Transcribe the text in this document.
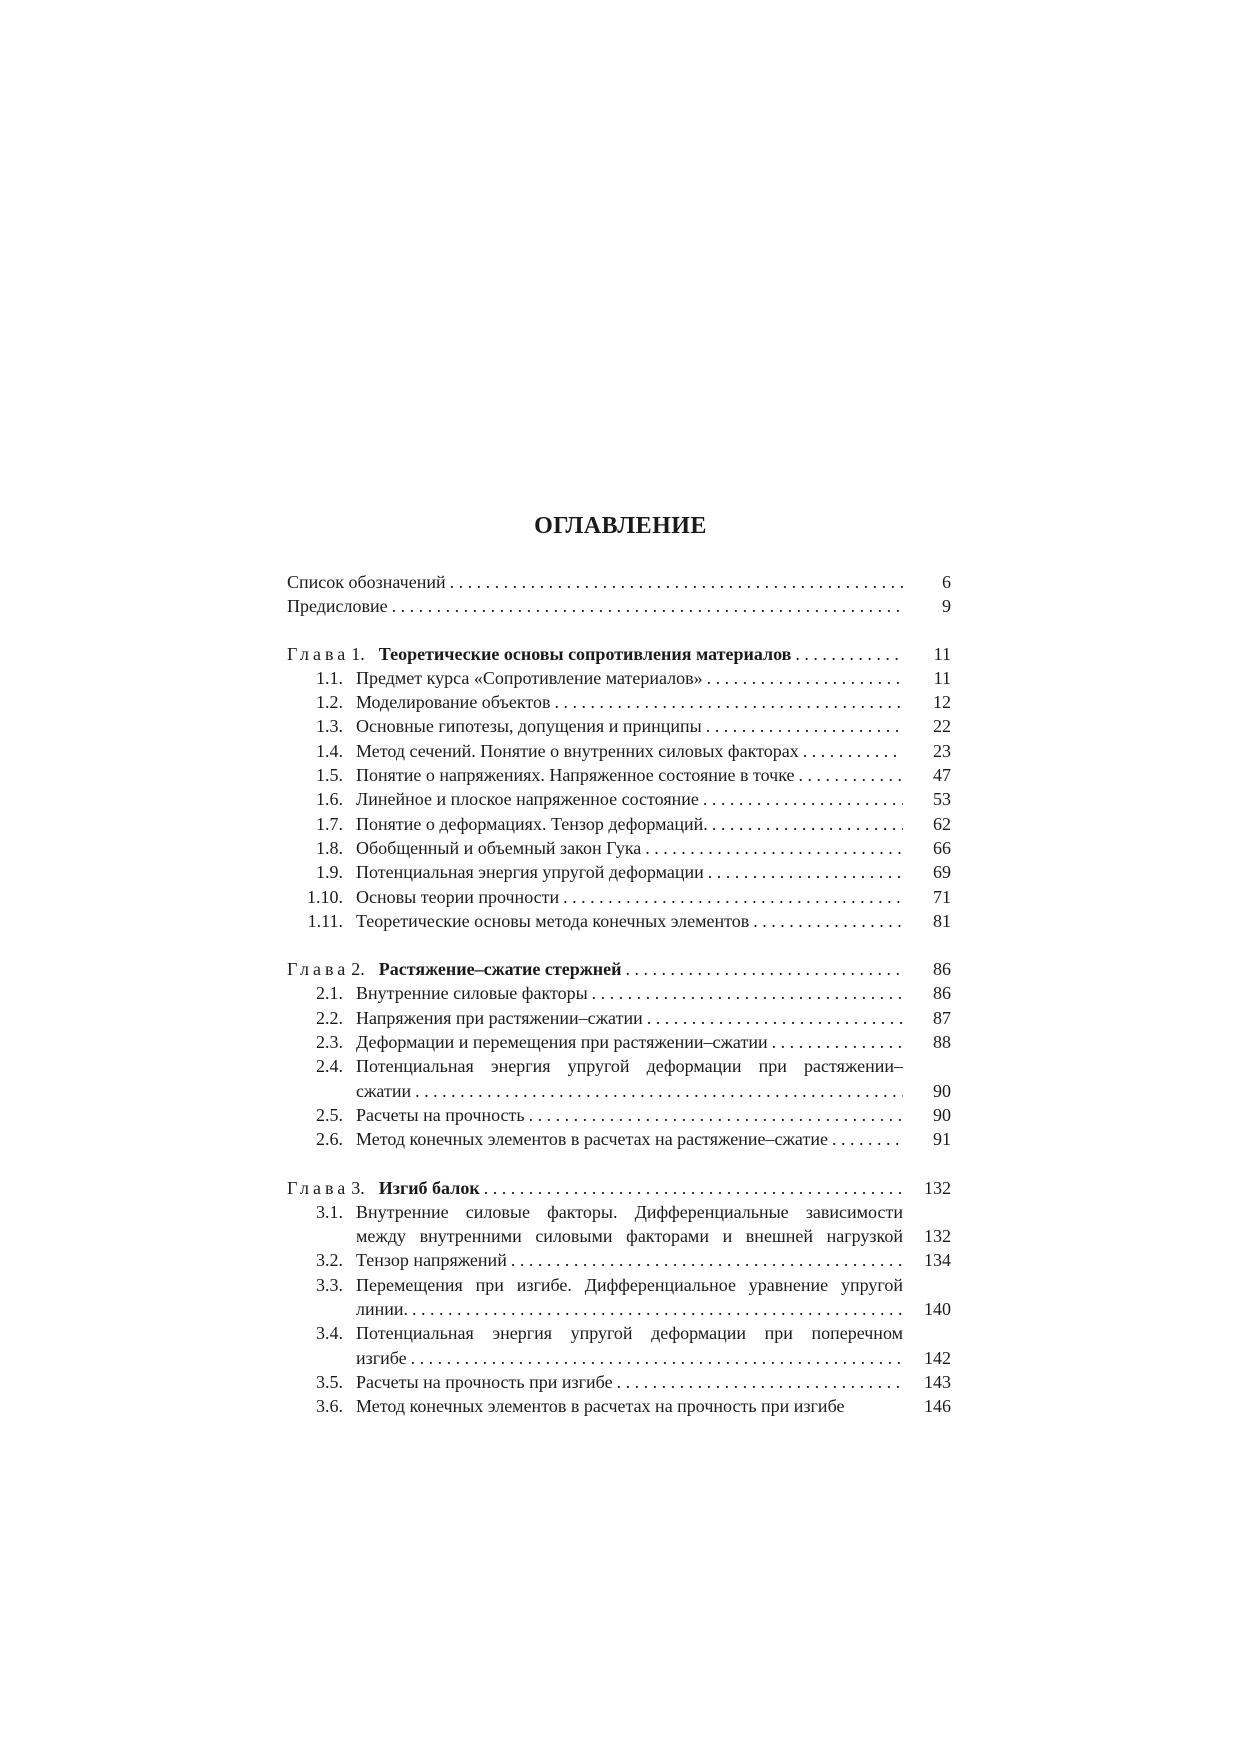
ОГЛАВЛЕНИЕ
Список обозначений . . .	6
Предисловие . . .	9
Глава 1. Теоретические основы сопротивления материалов . . .	11
1.1. Предмет курса «Сопротивление материалов» . . .	11
1.2. Моделирование объектов . . .	12
1.3. Основные гипотезы, допущения и принципы . . .	22
1.4. Метод сечений. Понятие о внутренних силовых факторах . . .	23
1.5. Понятие о напряжениях. Напряженное состояние в точке . . .	47
1.6. Линейное и плоское напряженное состояние . . .	53
1.7. Понятие о деформациях. Тензор деформаций. . . .	62
1.8. Обобщенный и объемный закон Гука . . .	66
1.9. Потенциальная энергия упругой деформации . . .	69
1.10. Основы теории прочности . . .	71
1.11. Теоретические основы метода конечных элементов . . .	81
Глава 2. Растяжение–сжатие стержней . . .	86
2.1. Внутренние силовые факторы . . .	86
2.2. Напряжения при растяжении–сжатии . . .	87
2.3. Деформации и перемещения при растяжении–сжатии . . .	88
2.4. Потенциальная энергия упругой деформации при растяжении–
сжатии . . .	90
2.5. Расчеты на прочность . . .	90
2.6. Метод конечных элементов в расчетах на растяжение–сжатие . . .	91
Глава 3. Изгиб балок . . .	132
3.1. Внутренние силовые факторы. Дифференциальные зависимости
между внутренними силовыми факторами и внешней нагрузкой	132
3.2. Тензор напряжений . . .	134
3.3. Перемещения при изгибе. Дифференциальное уравнение упругой
линии. . . .	140
3.4. Потенциальная энергия упругой деформации при поперечном
изгибе . . .	142
3.5. Расчеты на прочность при изгибе . . .	143
3.6. Метод конечных элементов в расчетах на прочность при изгибе	146
